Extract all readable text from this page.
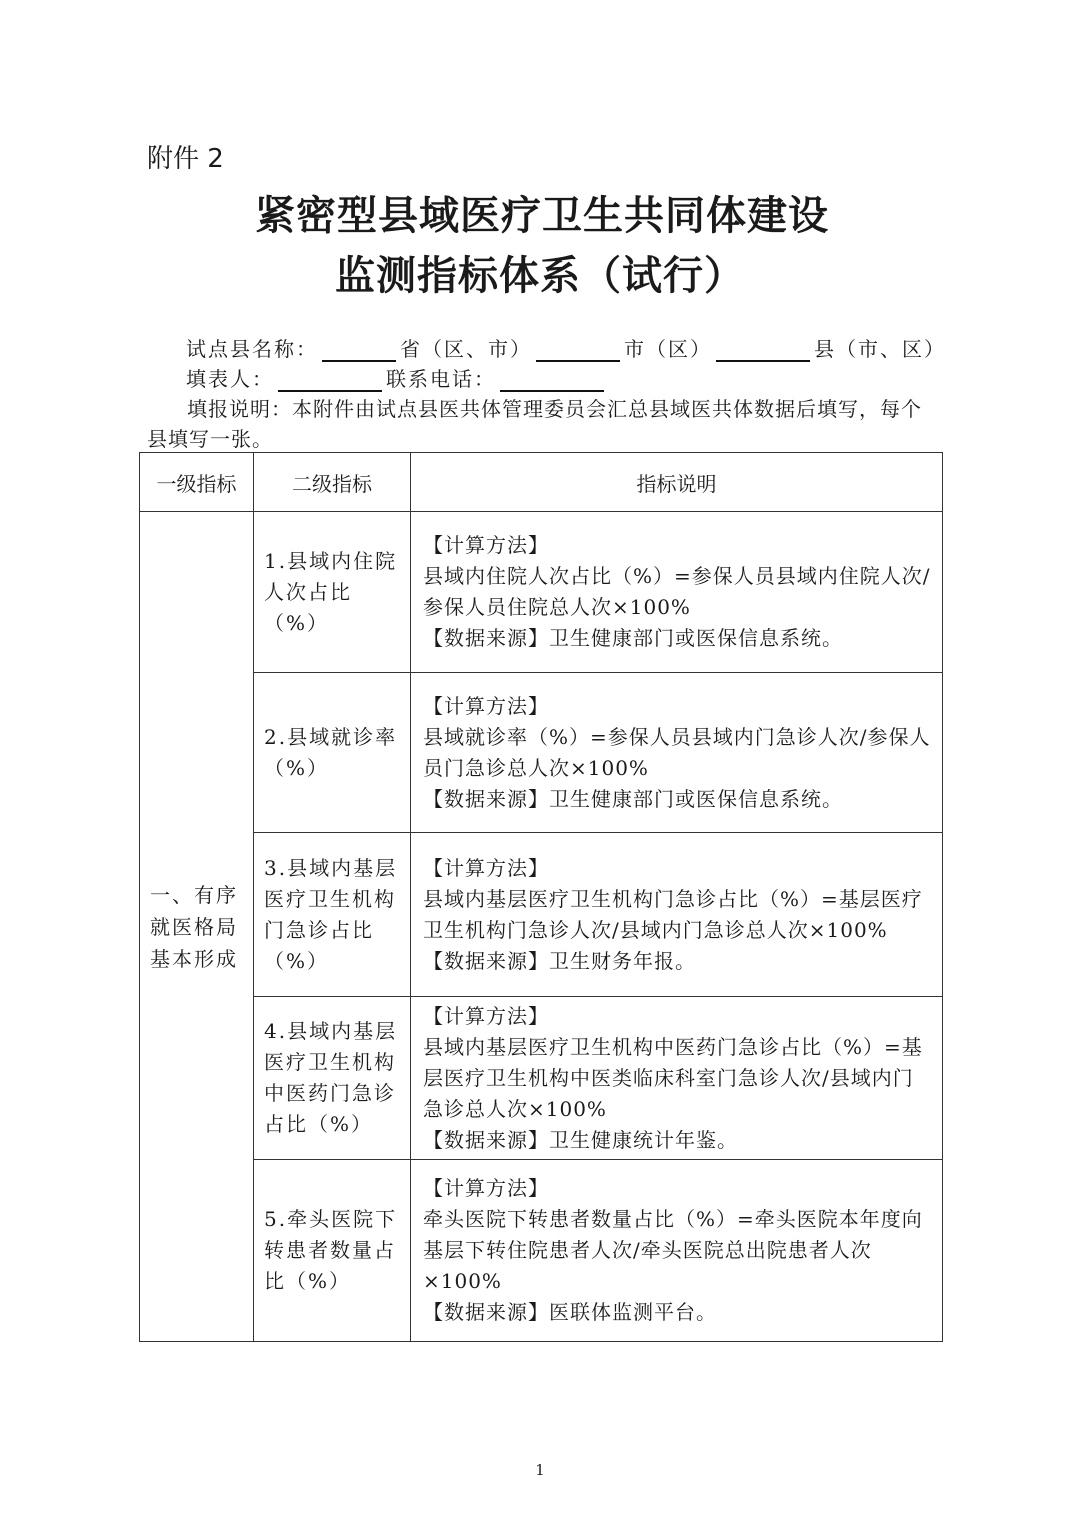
附件 2
紧密型县域医疗卫生共同体建设
监测指标体系（试行）
试点县名称：	省（区、市）	市（区）	县（市、区）
填表人：	联系电话：
填报说明：本附件由试点县医共体管理委员会汇总县域医共体数据后填写，每个县填写一张。
一级指标	二级指标	指标说明
一、有序就医格局基本形成	1.县域内住院人次占比（%）	【计算方法】
县域内住院人次占比（%）=参保人员县域内住院人次/参保人员住院总人次×100%
【数据来源】卫生健康部门或医保信息系统。

	2.县域就诊率（%）	【计算方法】
县域就诊率（%）=参保人员县域内门急诊人次/参保人员门急诊总人次×100%
【数据来源】卫生健康部门或医保信息系统。

	3.县域内基层医疗卫生机构门急诊占比（%）	【计算方法】
县域内基层医疗卫生机构门急诊占比（%）=基层医疗卫生机构门急诊人次/县域内门急诊总人次×100%
【数据来源】卫生财务年报。

	4.县域内基层医疗卫生机构中医药门急诊占比（%）	【计算方法】
县域内基层医疗卫生机构中医药门急诊占比（%）=基层医疗卫生机构中医类临床科室门急诊人次/县域内门急诊总人次×100%
【数据来源】卫生健康统计年鉴。

	5.牵头医院下转患者数量占比（%）	【计算方法】
牵头医院下转患者数量占比（%）=牵头医院本年度向基层下转住院患者人次/牵头医院总出院患者人次×100%
【数据来源】医联体监测平台。
1
